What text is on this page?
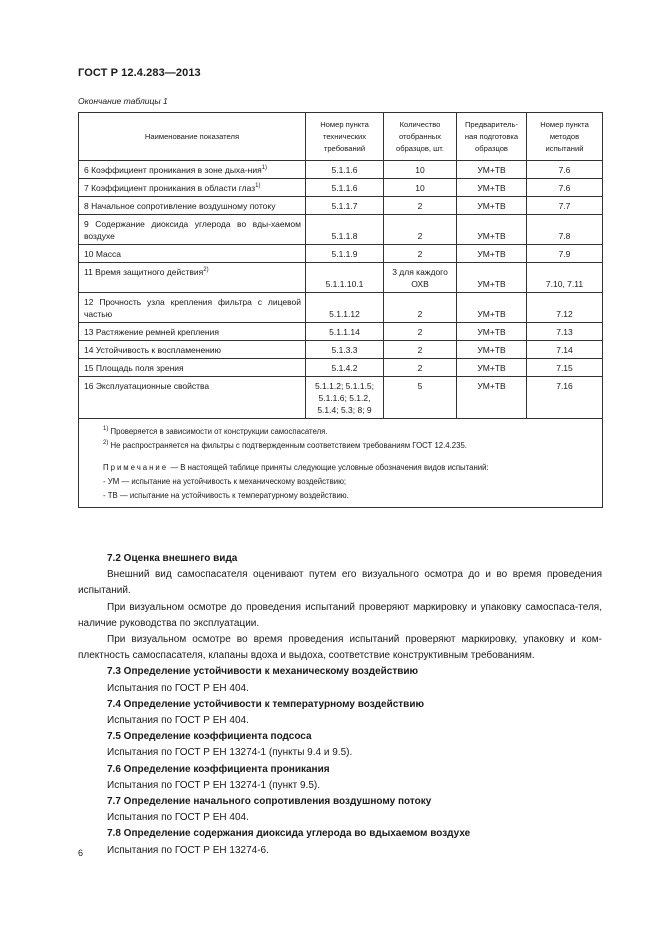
ГОСТ Р 12.4.283—2013
Окончание таблицы 1
Наименование показателя	Номер пункта технических требований	Количество отобранных образцов, шт.	Предваритель-ная подготовка образцов	Номер пункта методов испытаний
6 Коэффициент проникания в зоне дыха-ния$^{1)}$	5.1.1.6	10	УМ+ТВ	7.6
7 Коэффициент проникания в области глаз$^{1)}$	5.1.1.6	10	УМ+ТВ	7.6
8 Начальное сопротивление воздушному потоку	5.1.1.7	2	УМ+ТВ	7.7
9 Содержание диоксида углерода во вды-хаемом воздухе	5.1.1.8	2	УМ+ТВ	7.8
10 Масса	5.1.1.9	2	УМ+ТВ	7.9
11 Время защитного действия$^{2)}$	5.1.1.10.1	3 для каждого ОХВ	УМ+ТВ	7.10, 7.11
12 Прочность узла крепления фильтра с лицевой частью	5.1.1.12	2	УМ+ТВ	7.12
13 Растяжение ремней крепления	5.1.1.14	2	УМ+ТВ	7.13
14 Устойчивость к воспламенению	5.1.3.3	2	УМ+ТВ	7.14
15 Площадь поля зрения	5.1.4.2	2	УМ+ТВ	7.15
16 Эксплуатационные свойства	5.1.1.2; 5.1.1.5; 5.1.1.6; 5.1.2, 5.1.4; 5.3; 8; 9	5	УМ+ТВ	7.16

$^{1)}$ Проверяется в зависимости от конструкции самоспасателя.
$^{2)}$ Не распространяется на фильтры с подтвержденным соответствием требованиям ГОСТ 12.4.235.
Примечание — В настоящей таблице приняты следующие условные обозначения видов испытаний:
- УМ — испытание на устойчивость к механическому воздействию;
- ТВ — испытание на устойчивость к температурному воздействию.				
7.2 Оценка внешнего вида

Внешний вид самоспасателя оценивают путем его визуального осмотра до и во время проведения испытаний.

При визуальном осмотре до проведения испытаний проверяют маркировку и упаковку самоспаса-теля, наличие руководства по эксплуатации.

При визуальном осмотре во время проведения испытаний проверяют маркировку, упаковку и ком-плектность самоспасателя, клапаны вдоха и выдоха, соответствие конструктивным требованиям.

7.3 Определение устойчивости к механическому воздействию

Испытания по ГОСТ Р ЕН 404.

7.4 Определение устойчивости к температурному воздействию

Испытания по ГОСТ Р ЕН 404.

7.5 Определение коэффициента подсоса

Испытания по ГОСТ Р ЕН 13274-1 (пункты 9.4 и 9.5).

7.6 Определение коэффициента проникания

Испытания по ГОСТ Р ЕН 13274-1 (пункт 9.5).

7.7 Определение начального сопротивления воздушному потоку

Испытания по ГОСТ Р ЕН 404.

7.8 Определение содержания диоксида углерода во вдыхаемом воздухе

Испытания по ГОСТ Р ЕН 13274-6.

6
